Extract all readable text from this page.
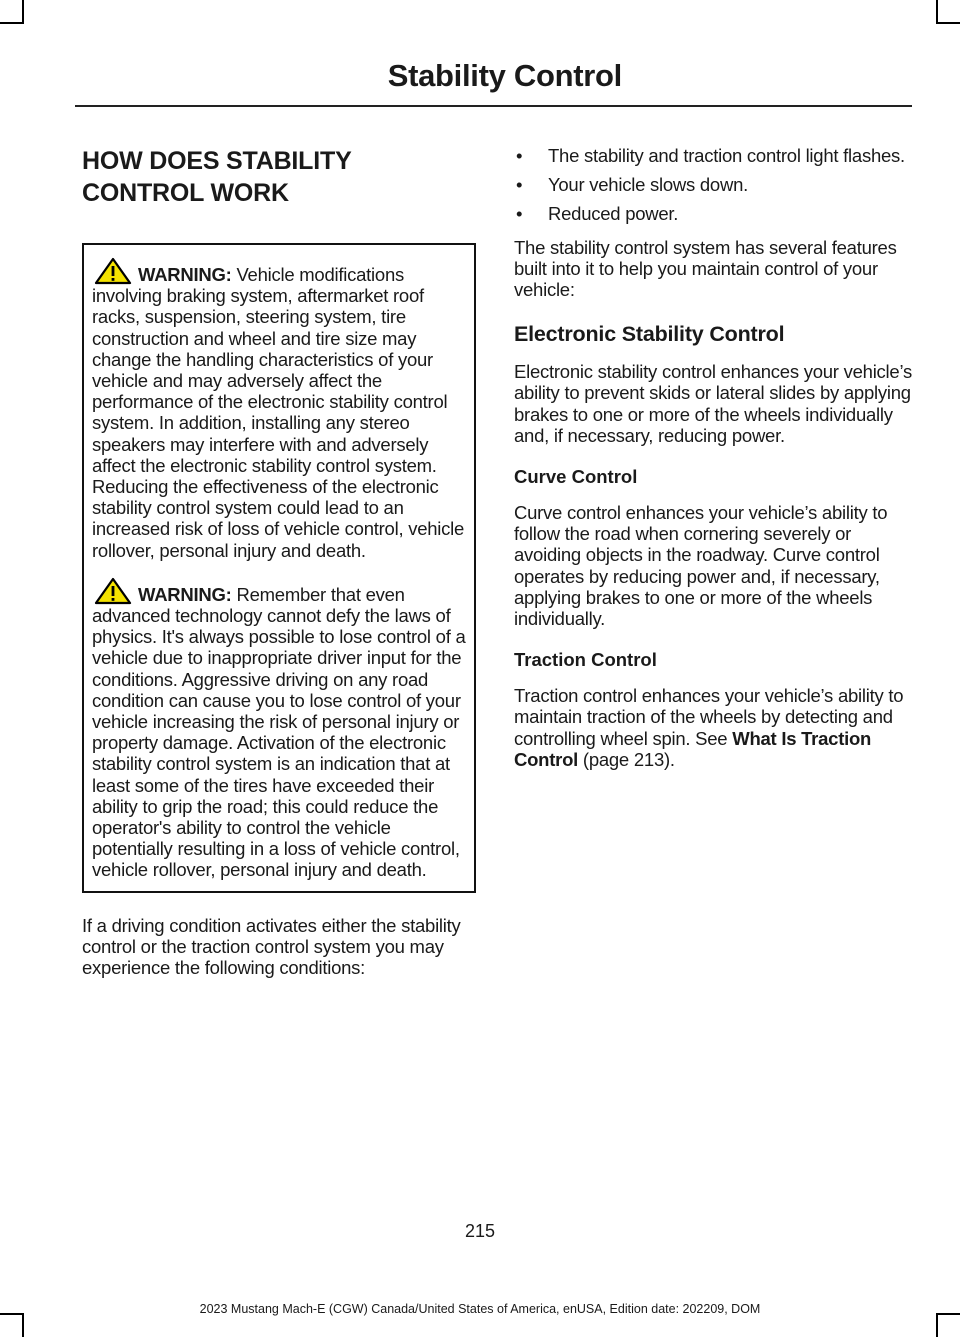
Stability Control
HOW DOES STABILITY
CONTROL WORK

WARNING: Vehicle modifications involving braking system, aftermarket roof racks, suspension, steering system, tire construction and wheel and tire size may change the handling characteristics of your vehicle and may adversely affect the performance of the electronic stability control system. In addition, installing any stereo speakers may interfere with and adversely affect the electronic stability control system. Reducing the effectiveness of the electronic stability control system could lead to an increased risk of loss of vehicle control, vehicle rollover, personal injury and death.

WARNING: Remember that even advanced technology cannot defy the laws of physics. It's always possible to lose control of a vehicle due to inappropriate driver input for the conditions. Aggressive driving on any road condition can cause you to lose control of your vehicle increasing the risk of personal injury or property damage. Activation of the electronic stability control system is an indication that at least some of the tires have exceeded their ability to grip the road; this could reduce the operator's ability to control the vehicle potentially resulting in a loss of vehicle control, vehicle rollover, personal injury and death.

If a driving condition activates either the stability control or the traction control system you may experience the following conditions:

• The stability and traction control light flashes.
• Your vehicle slows down.
• Reduced power.

The stability control system has several features built into it to help you maintain control of your vehicle:

Electronic Stability Control

Electronic stability control enhances your vehicle’s ability to prevent skids or lateral slides by applying brakes to one or more of the wheels individually and, if necessary, reducing power.

Curve Control

Curve control enhances your vehicle’s ability to follow the road when cornering severely or avoiding objects in the roadway. Curve control operates by reducing power and, if necessary, applying brakes to one or more of the wheels individually.

Traction Control

Traction control enhances your vehicle’s ability to maintain traction of the wheels by detecting and controlling wheel spin. See What Is Traction Control (page 213).

215
2023 Mustang Mach-E (CGW) Canada/United States of America, enUSA, Edition date: 202209, DOM
